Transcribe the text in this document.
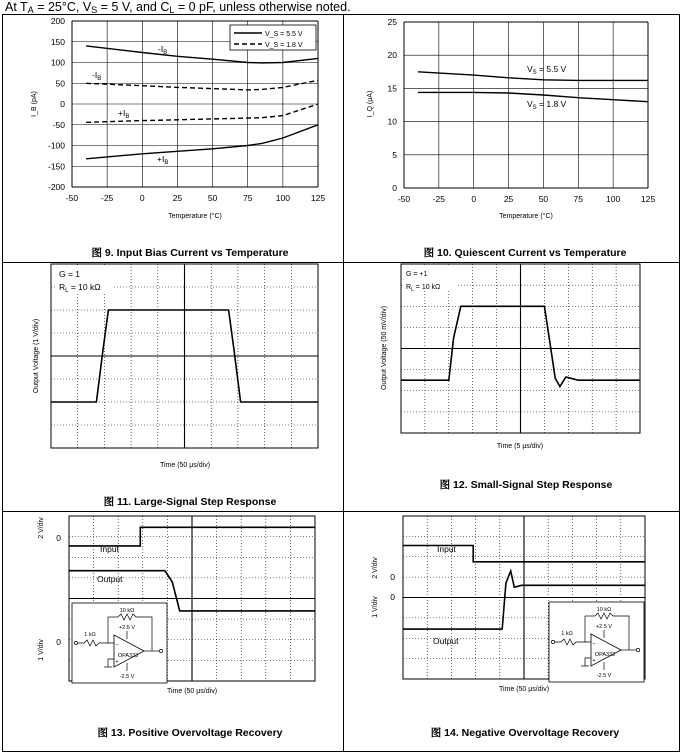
At $T_A = 25^\circ C$, $V_S = 5$ V, and $C_L = 0$ pF, unless otherwise noted.
-50	-25	0	25	50	75	100 125
200
150
100
50
0
-50
-100
-150
-200
$-I_B$
$-I_B$
$+I_B$
$+I_B$
V_S = 5.5 V
V_S = 1.8 V
Temperature (°C)
I_B (pA)
图 9. Input Bias Current vs Temperature
-50	-25	0	25	50	75	100 125
25
20
15
10
5
0
$V_S = 5.5$ V
$V_S = 1.8$ V
Temperature (°C)
I_Q (μA)
图 10. Quiescent Current vs Temperature
G = 1
$R_L = 10$ kΩ
Time (50 μs/div)
Output Voltage (1 V/div)
图 11. Large-Signal Step Response
G = +1
$R_L = 10$ kΩ
Time (5 μs/div)
Output Voltage (50 mV/div)
图 12. Small-Signal Step Response
Input
Output
0
0
2 V/div
1 V/div
Time (50 μs/div)
10 kΩ
+2.5 V
OPA333
−
+
-2.5 V
1 kΩ
图 13. Positive Overvoltage Recovery
Input
Output
0
0
2 V/div
1 V/div
Time (50 μs/div)
10 kΩ
+2.5 V
OPA333
−
+
-2.5 V
1 kΩ
图 14. Negative Overvoltage Recovery
